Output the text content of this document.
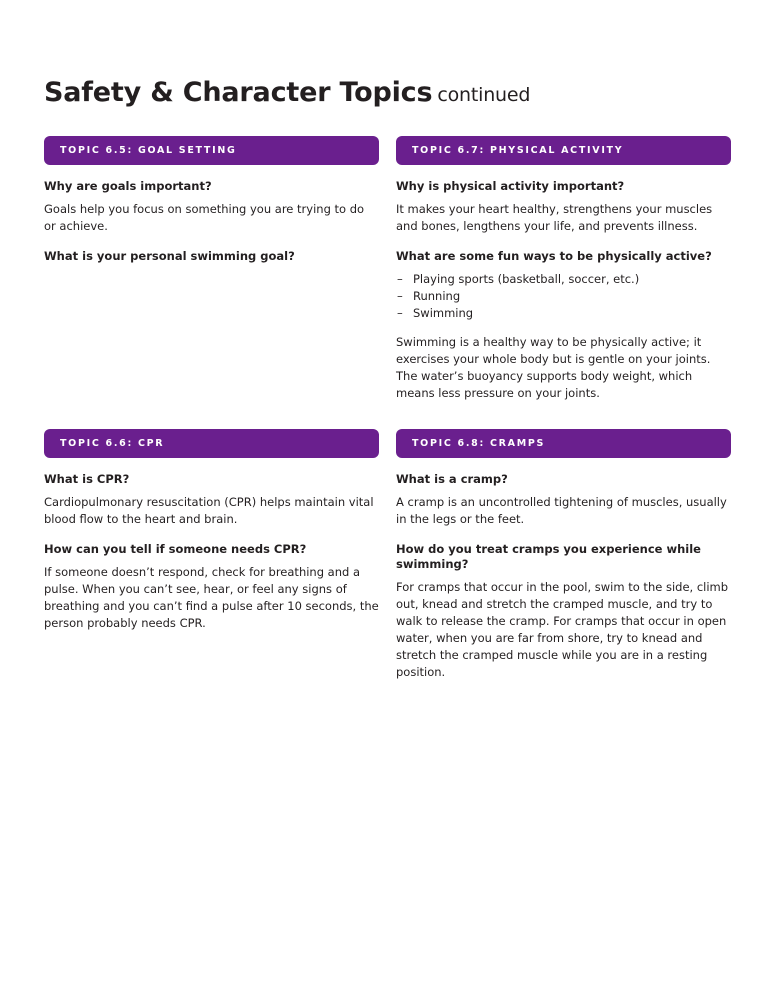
Safety & Character Topics continued
TOPIC 6.5: GOAL SETTING

Why are goals important?

Goals help you focus on something you are trying to do or achieve.

What is your personal swimming goal?

TOPIC 6.7: PHYSICAL ACTIVITY

Why is physical activity important?

It makes your heart healthy, strengthens your muscles and bones, lengthens your life, and prevents illness.

What are some fun ways to be physically active?

– Playing sports (basketball, soccer, etc.)
– Running
– Swimming

Swimming is a healthy way to be physically active; it exercises your whole body but is gentle on your joints. The water’s buoyancy supports body weight, which means less pressure on your joints.

TOPIC 6.6: CPR

What is CPR?

Cardiopulmonary resuscitation (CPR) helps maintain vital blood flow to the heart and brain.

How can you tell if someone needs CPR?

If someone doesn’t respond, check for breathing and a pulse. When you can’t see, hear, or feel any signs of breathing and you can’t find a pulse after 10 seconds, the person probably needs CPR.

TOPIC 6.8: CRAMPS

What is a cramp?

A cramp is an uncontrolled tightening of muscles, usually in the legs or the feet.

How do you treat cramps you experience while swimming?

For cramps that occur in the pool, swim to the side, climb out, knead and stretch the cramped muscle, and try to walk to release the cramp. For cramps that occur in open water, when you are far from shore, try to knead and stretch the cramped muscle while you are in a resting position.
